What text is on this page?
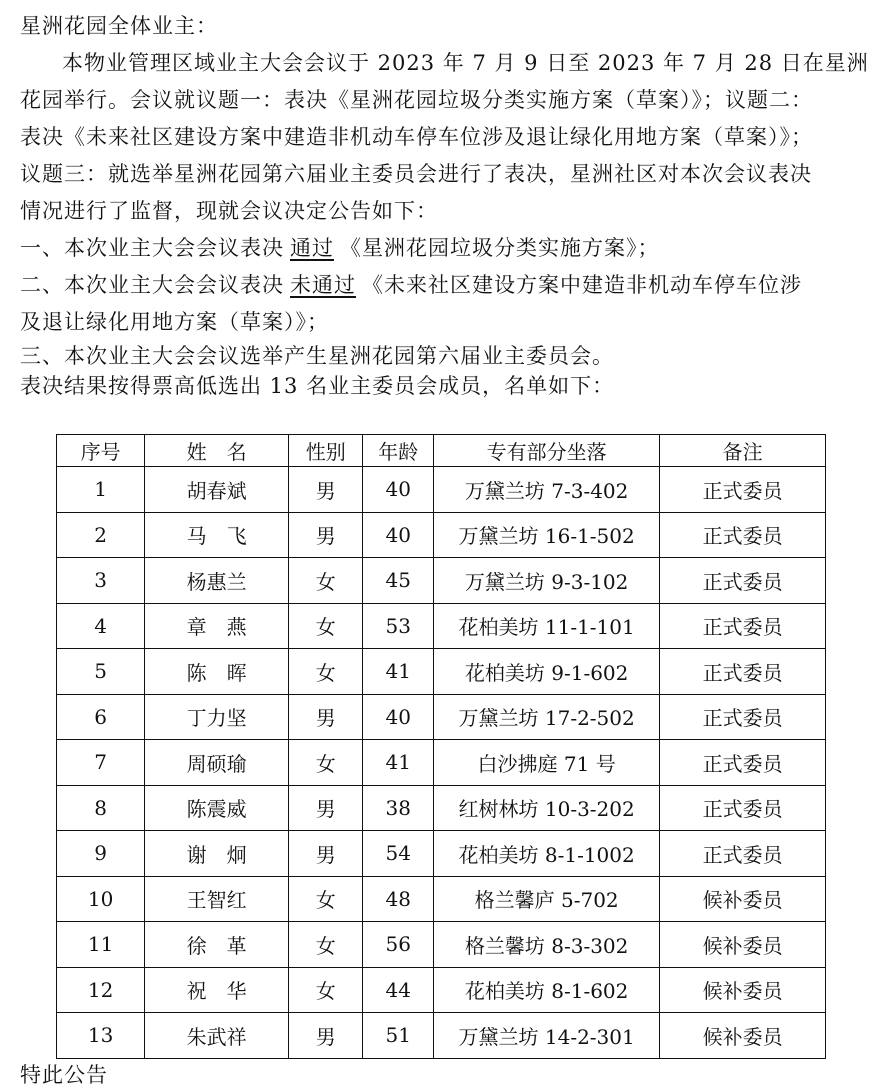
星洲花园全体业主：
本物业管理区域业主大会会议于 2023 年 7 月 9 日至 2023 年 7 月 28 日在星洲
花园举行。会议就议题一：表决《星洲花园垃圾分类实施方案（草案）》；议题二：
表决《未来社区建设方案中建造非机动车停车位涉及退让绿化用地方案（草案）》；
议题三：就选举星洲花园第六届业主委员会进行了表决，星洲社区对本次会议表决
情况进行了监督，现就会议决定公告如下：
一、本次业主大会会议表决 通过 《星洲花园垃圾分类实施方案》；
二、本次业主大会会议表决 未通过 《未来社区建设方案中建造非机动车停车位涉
及退让绿化用地方案（草案）》；
三、本次业主大会会议选举产生星洲花园第六届业主委员会。
表决结果按得票高低选出 13 名业主委员会成员，名单如下：
序号	姓　名	性别	年龄	专有部分坐落	备注
1	胡春斌	男	40	万黛兰坊 7-3-402	正式委员
2	马　飞	男	40	万黛兰坊 16-1-502	正式委员
3	杨惠兰	女	45	万黛兰坊 9-3-102	正式委员
4	章　燕	女	53	花柏美坊 11-1-101	正式委员
5	陈　晖	女	41	花柏美坊 9-1-602	正式委员
6	丁力坚	男	40	万黛兰坊 17-2-502	正式委员
7	周硕瑜	女	41	白沙拂庭 71 号	正式委员
8	陈震威	男	38	红树林坊 10-3-202	正式委员
9	谢　炯	男	54	花柏美坊 8-1-1002	正式委员
10	王智红	女	48	格兰馨庐 5-702	候补委员
11	徐　革	女	56	格兰馨坊 8-3-302	候补委员
12	祝　华	女	44	花柏美坊 8-1-602	候补委员
13	朱武祥	男	51	万黛兰坊 14-2-301	候补委员
特此公告
